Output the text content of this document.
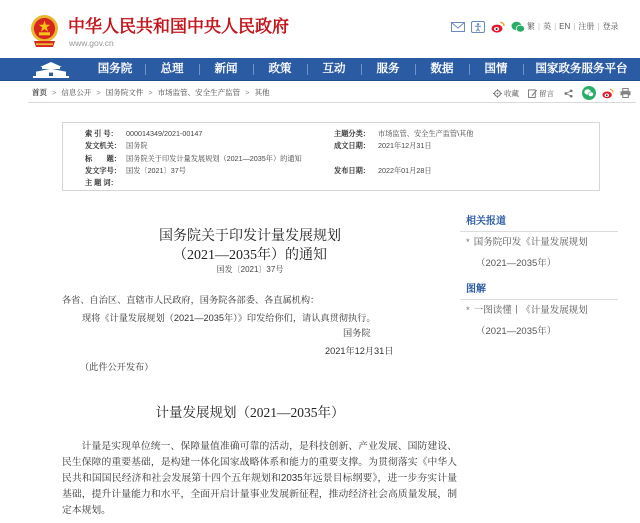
中华人民共和国中央人民政府
www.gov.cn
繁 | 英 | EN | 注册 | 登录
国务院	总理	新闻	政策	互动	服务	数据	国情	国家政务服务平台
首页 > 信息公开 > 国务院文件 > 市场监管、安全生产监管 > 其他	收藏	留言
索 引 号： 000014349/2021-00147	主题分类： 市场监管、安全生产监管\其他
发文机关： 国务院	成文日期： 2021年12月31日
标　　题： 国务院关于印发计量发展规划（2021—2035年）的通知
发文字号： 国发〔2021〕37号	发布日期： 2022年01月28日
主 题 词：
国务院关于印发计量发展规划
（2021—2035年）的通知
国发〔2021〕37号
各省、自治区、直辖市人民政府，国务院各部委、各直属机构：
现将《计量发展规划（2021—2035年）》印发给你们，请认真贯彻执行。
国务院
2021年12月31日
（此件公开发布）
计量发展规划（2021—2035年）

计量是实现单位统一、保障量值准确可靠的活动，是科技创新、产业发展、国防建设、民生保障的重要基础，是构建一体化国家战略体系和能力的重要支撑。为贯彻落实《中华人民共和国国民经济和社会发展第十四个五年规划和2035年远景目标纲要》，进一步夯实计量基础，提升计量能力和水平，全面开启计量事业发展新征程，推动经济社会高质量发展，制定本规划。

相关报道
* 国务院印发《计量发展规划
（2021—2035年）
图解
* 一图读懂丨《计量发展规划
（2021—2035年）
